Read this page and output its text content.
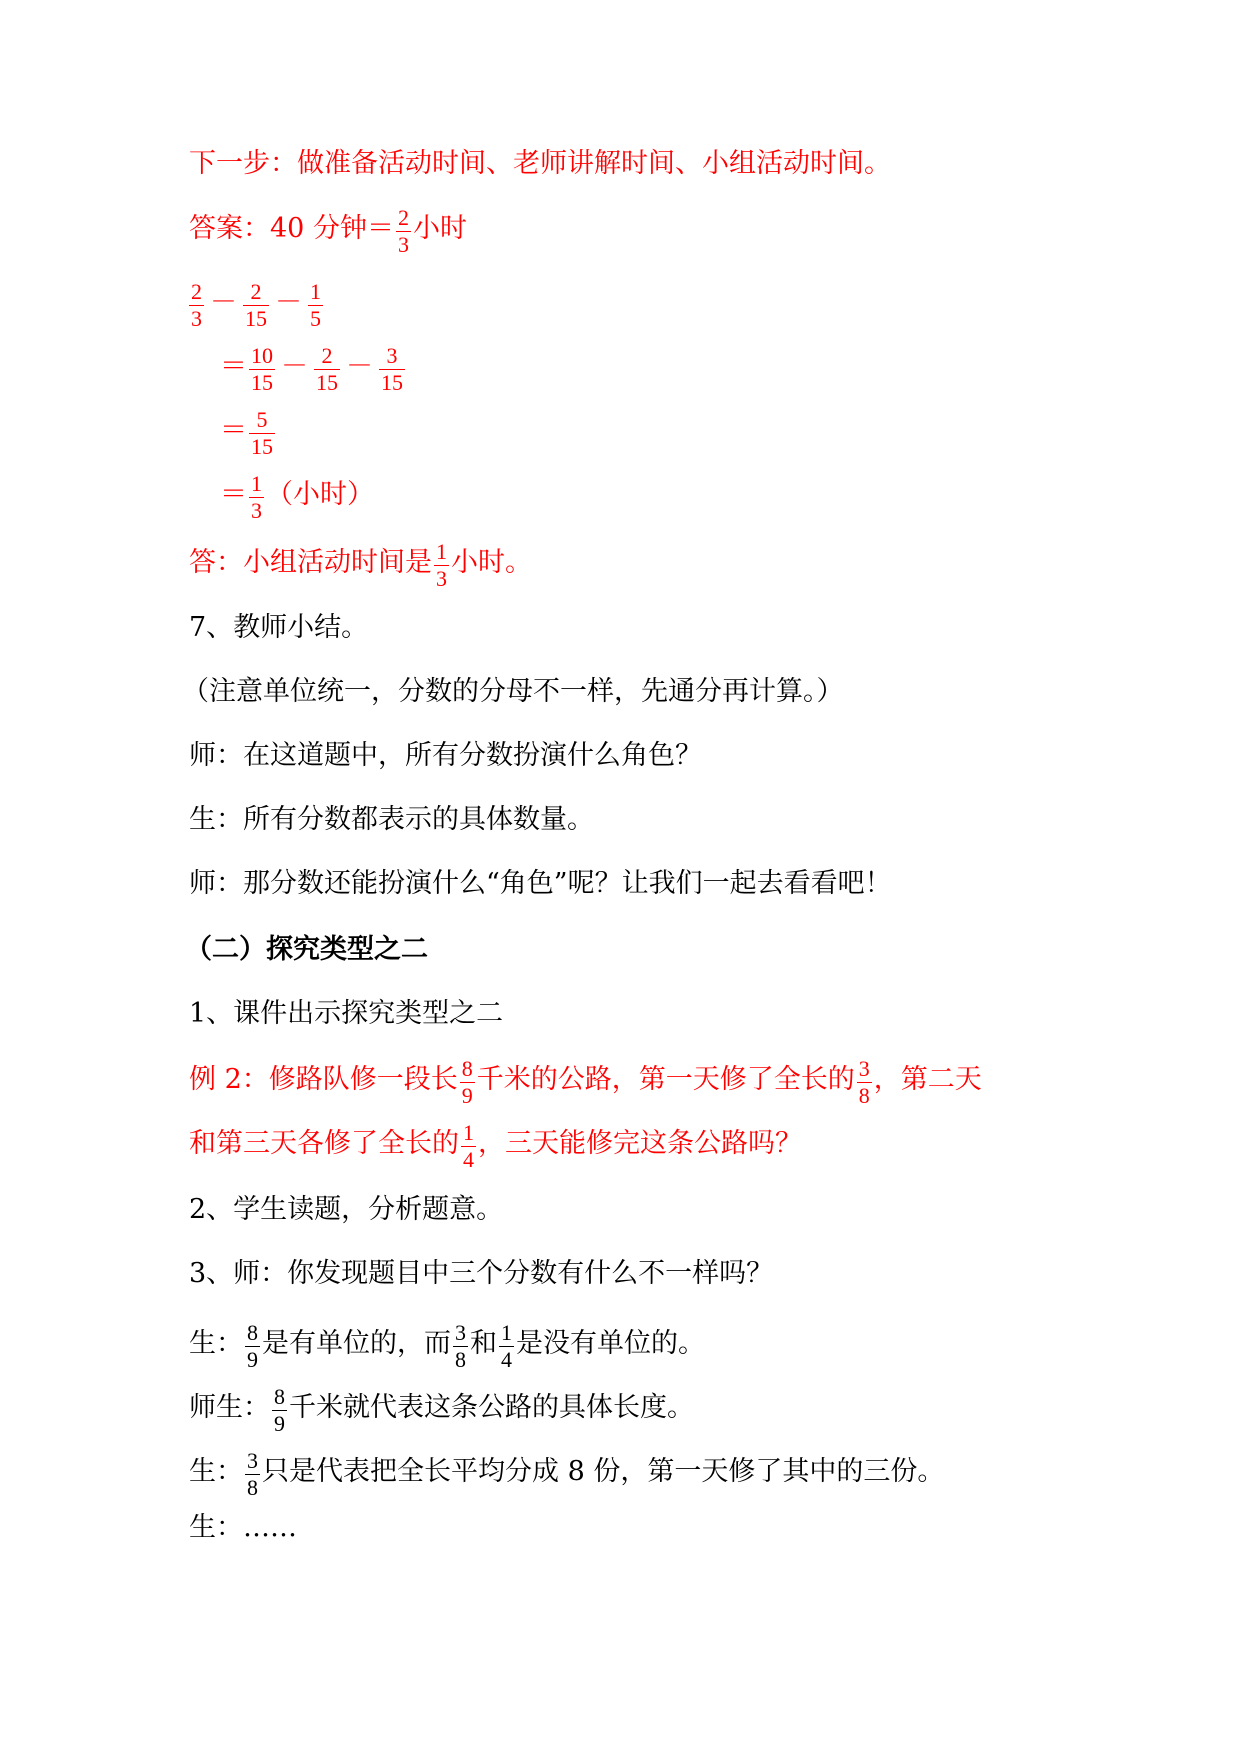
下一步：做准备活动时间、老师讲解时间、小组活动时间。
答案：40 分钟＝ $\frac{2}{3}$ 小时
$\frac{2}{3} - \frac{2}{15} - \frac{1}{5}$
＝ $\frac{10}{15} - \frac{2}{15} - \frac{3}{15}$
＝ $\frac{5}{15}$
＝ $\frac{1}{3}$ （小时）
答：小组活动时间是 $\frac{1}{3}$ 小时。
7、教师小结。
（注意单位统一，分数的分母不一样，先通分再计算。）
师：在这道题中，所有分数扮演什么角色？
生：所有分数都表示的具体数量。
师：那分数还能扮演什么“角色”呢？让我们一起去看看吧！
（二）探究类型之二
1、课件出示探究类型之二
例 2：修路队修一段长 $\frac{8}{9}$ 千米的公路，第一天修了全长的 $\frac{3}{8}$ ，第二天
和第三天各修了全长的 $\frac{1}{4}$ ，三天能修完这条公路吗？
2、学生读题，分析题意。
3、师：你发现题目中三个分数有什么不一样吗？
生： $\frac{8}{9}$ 是有单位的，而 $\frac{3}{8}$ 和 $\frac{1}{4}$ 是没有单位的。
师生： $\frac{8}{9}$ 千米就代表这条公路的具体长度。
生： $\frac{3}{8}$ 只是代表把全长平均分成 8 份，第一天修了其中的三份。
生：……
